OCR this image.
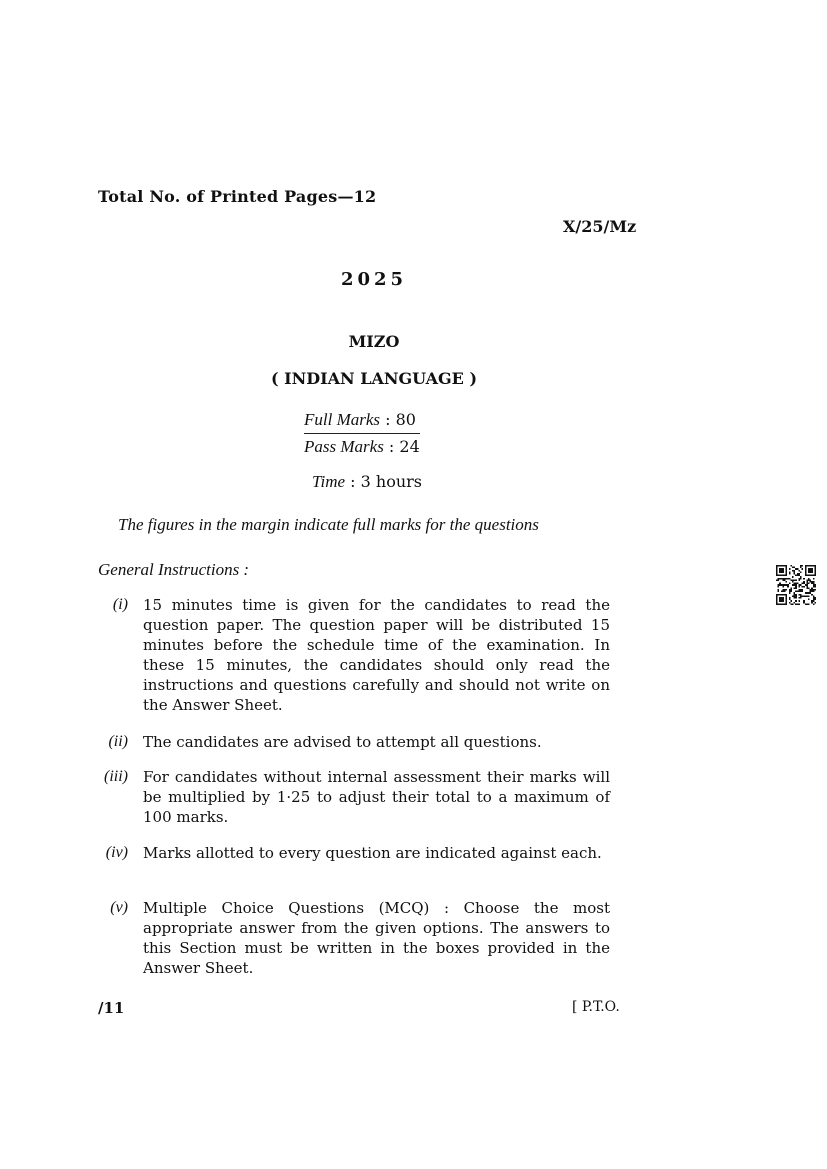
Total No. of Printed Pages—12
X/25/Mz
2025
MIZO
( INDIAN LANGUAGE )
Full Marks : 80
Pass Marks : 24
Time : 3 hours
The figures in the margin indicate full marks for the questions
General Instructions :
(i) 15 minutes time is given for the candidates to read the question paper. The question paper will be distributed 15 minutes before the schedule time of the examination. In these 15 minutes, the candidates should only read the instructions and questions carefully and should not write on the Answer Sheet.
(ii) The candidates are advised to attempt all questions.
(iii) For candidates without internal assessment their marks will be multiplied by 1·25 to adjust their total to a maximum of 100 marks.
(iv) Marks allotted to every question are indicated against each.
(v) Multiple Choice Questions (MCQ) : Choose the most appropriate answer from the given options. The answers to this Section must be written in the boxes provided in the Answer Sheet.
/11	[ P.T.O.
